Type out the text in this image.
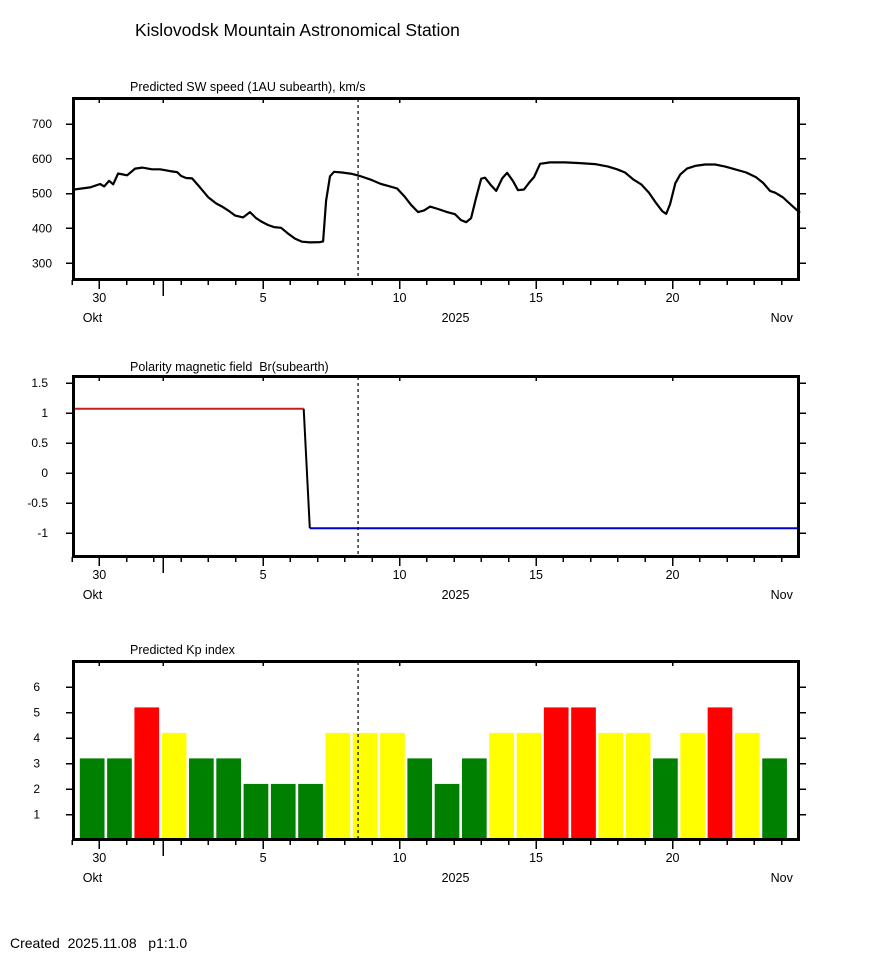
Kislovodsk Mountain Astronomical Station
Predicted SW speed (1AU subearth), km/s
Polarity magnetic field  Br(subearth)
Predicted Kp index
300
400
500
600
700
30	5	10	15	20
Okt	2025	Nov
-1
-0.5
0
0.5
1
1.5
30	5	10	15	20
Okt	2025	Nov
1
2
3
4
5
6
30	5	10	15	20
Okt	2025	Nov
Created  2025.11.08   p1:1.0
